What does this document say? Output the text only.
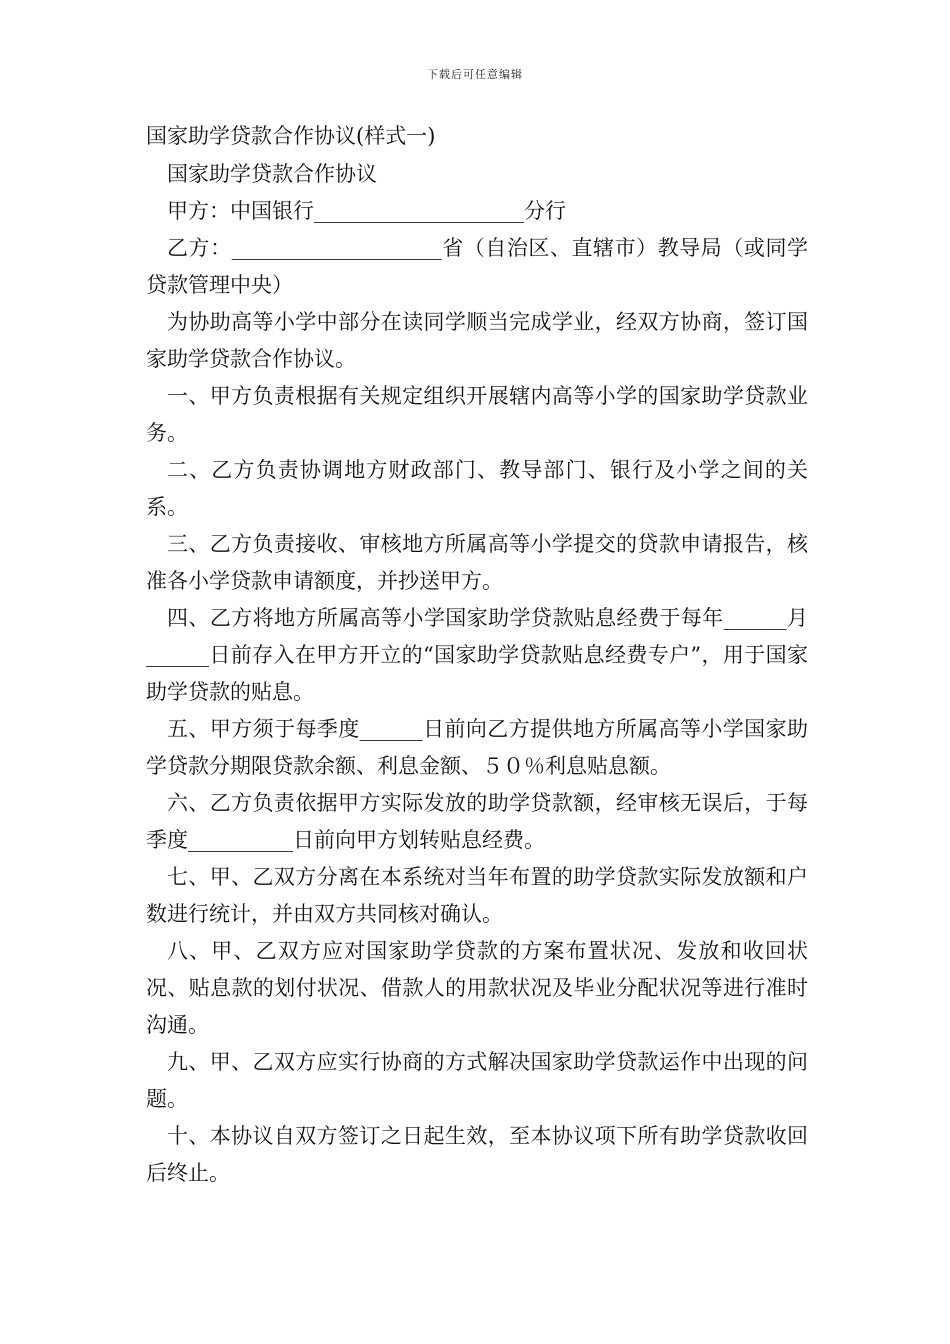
下载后可任意编辑

国家助学贷款合作协议(样式一)

国家助学贷款合作协议

甲方：中国银行____________________分行

乙方：____________________省（自治区、直辖市）教导局（或同学贷款管理中央）

为协助高等小学中部分在读同学顺当完成学业，经双方协商，签订国家助学贷款合作协议。

一、甲方负责根据有关规定组织开展辖内高等小学的国家助学贷款业务。

二、乙方负责协调地方财政部门、教导部门、银行及小学之间的关系。

三、乙方负责接收、审核地方所属高等小学提交的贷款申请报告，核准各小学贷款申请额度，并抄送甲方。

四、乙方将地方所属高等小学国家助学贷款贴息经费于每年______月______日前存入在甲方开立的“国家助学贷款贴息经费专户”，用于国家助学贷款的贴息。

五、甲方须于每季度______日前向乙方提供地方所属高等小学国家助学贷款分期限贷款余额、利息金额、５０％利息贴息额。

六、乙方负责依据甲方实际发放的助学贷款额，经审核无误后，于每季度__________日前向甲方划转贴息经费。

七、甲、乙双方分离在本系统对当年布置的助学贷款实际发放额和户数进行统计，并由双方共同核对确认。

八、甲、乙双方应对国家助学贷款的方案布置状况、发放和收回状况、贴息款的划付状况、借款人的用款状况及毕业分配状况等进行准时沟通。

九、甲、乙双方应实行协商的方式解决国家助学贷款运作中出现的问题。

十、本协议自双方签订之日起生效，至本协议项下所有助学贷款收回后终止。
